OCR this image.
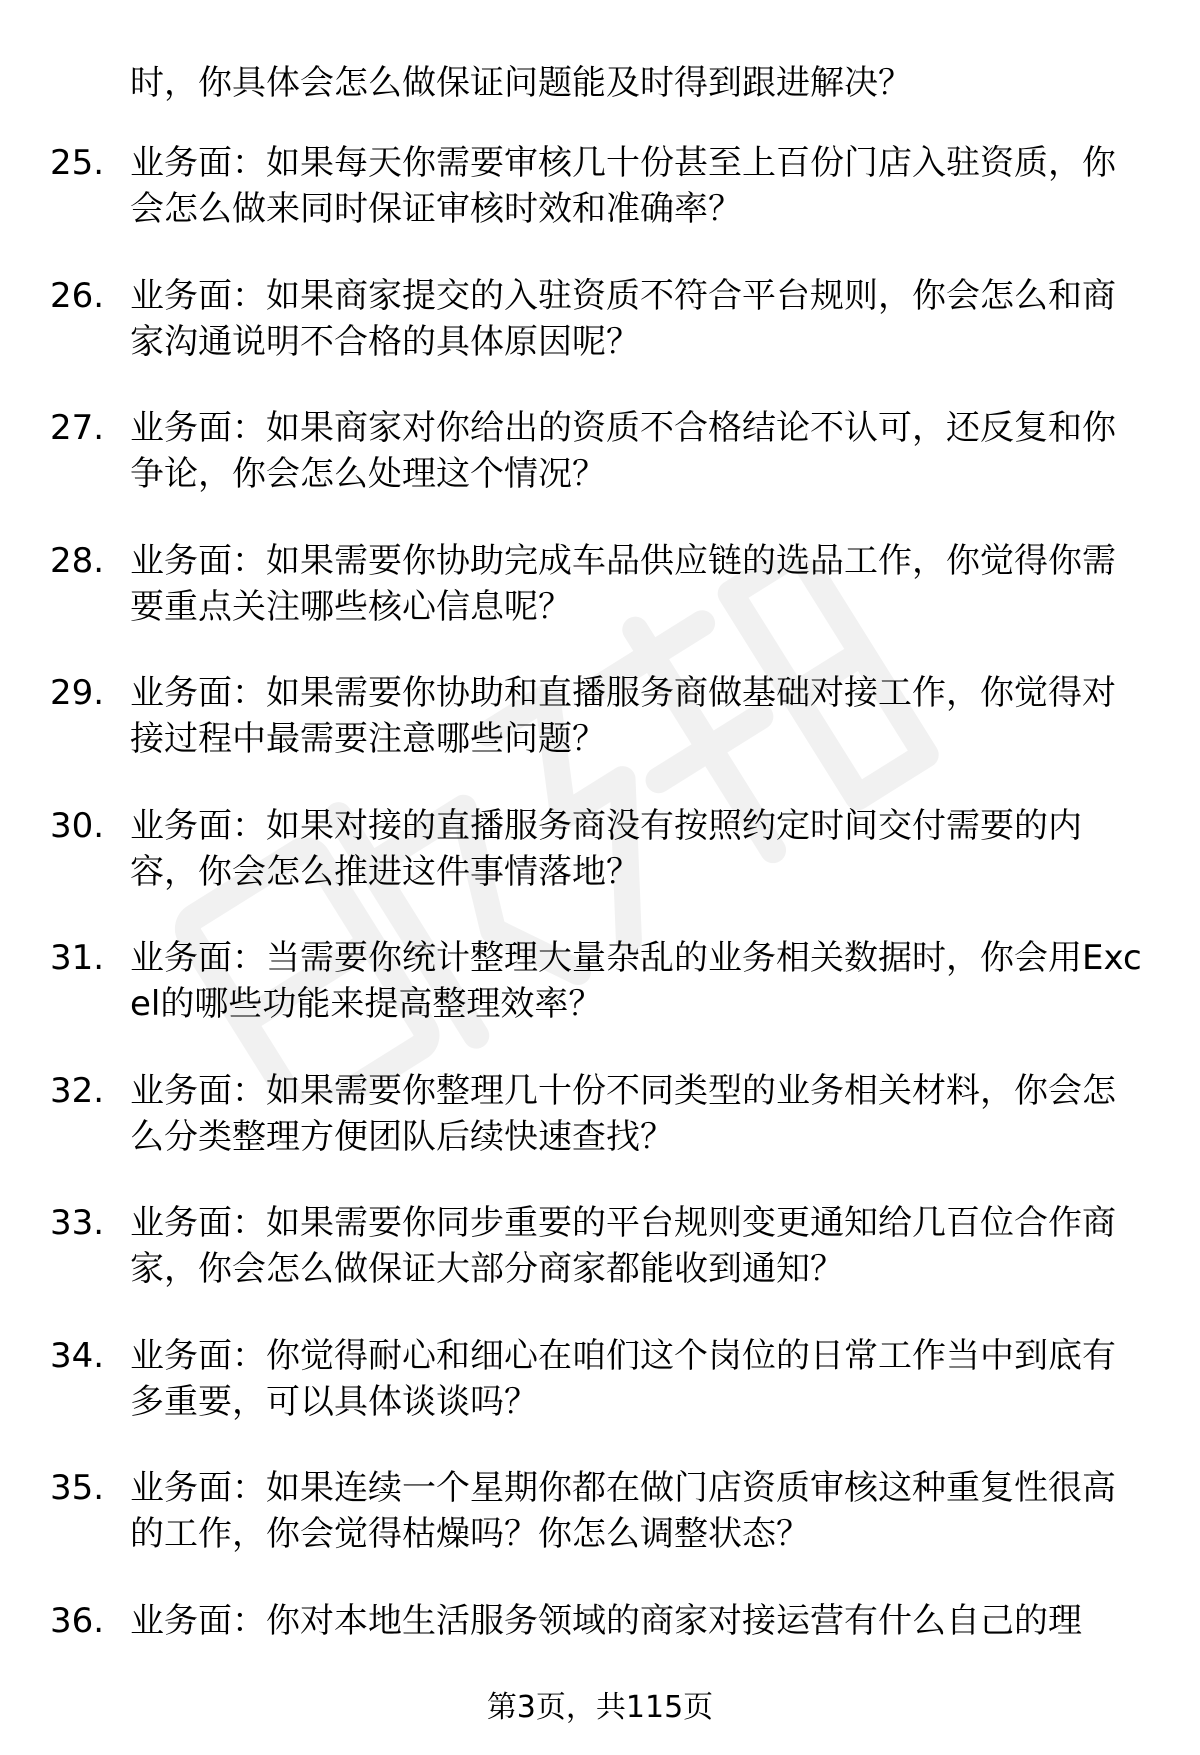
时，你具体会怎么做保证问题能及时得到跟进解决？
25. 业务面：如果每天你需要审核几十份甚至上百份门店入驻资质，你会怎么做来同时保证审核时效和准确率？
26. 业务面：如果商家提交的入驻资质不符合平台规则，你会怎么和商家沟通说明不合格的具体原因呢？
27. 业务面：如果商家对你给出的资质不合格结论不认可，还反复和你争论，你会怎么处理这个情况？
28. 业务面：如果需要你协助完成车品供应链的选品工作，你觉得你需要重点关注哪些核心信息呢？
29. 业务面：如果需要你协助和直播服务商做基础对接工作，你觉得对接过程中最需要注意哪些问题？
30. 业务面：如果对接的直播服务商没有按照约定时间交付需要的内容，你会怎么推进这件事情落地？
31. 业务面：当需要你统计整理大量杂乱的业务相关数据时，你会用Excel的哪些功能来提高整理效率？
32. 业务面：如果需要你整理几十份不同类型的业务相关材料，你会怎么分类整理方便团队后续快速查找？
33. 业务面：如果需要你同步重要的平台规则变更通知给几百位合作商家，你会怎么做保证大部分商家都能收到通知？
34. 业务面：你觉得耐心和细心在咱们这个岗位的日常工作当中到底有多重要，可以具体谈谈吗？
35. 业务面：如果连续一个星期你都在做门店资质审核这种重复性很高的工作，你会觉得枯燥吗？你怎么调整状态？
36. 业务面：你对本地生活服务领域的商家对接运营有什么自己的理
第3页，共115页
